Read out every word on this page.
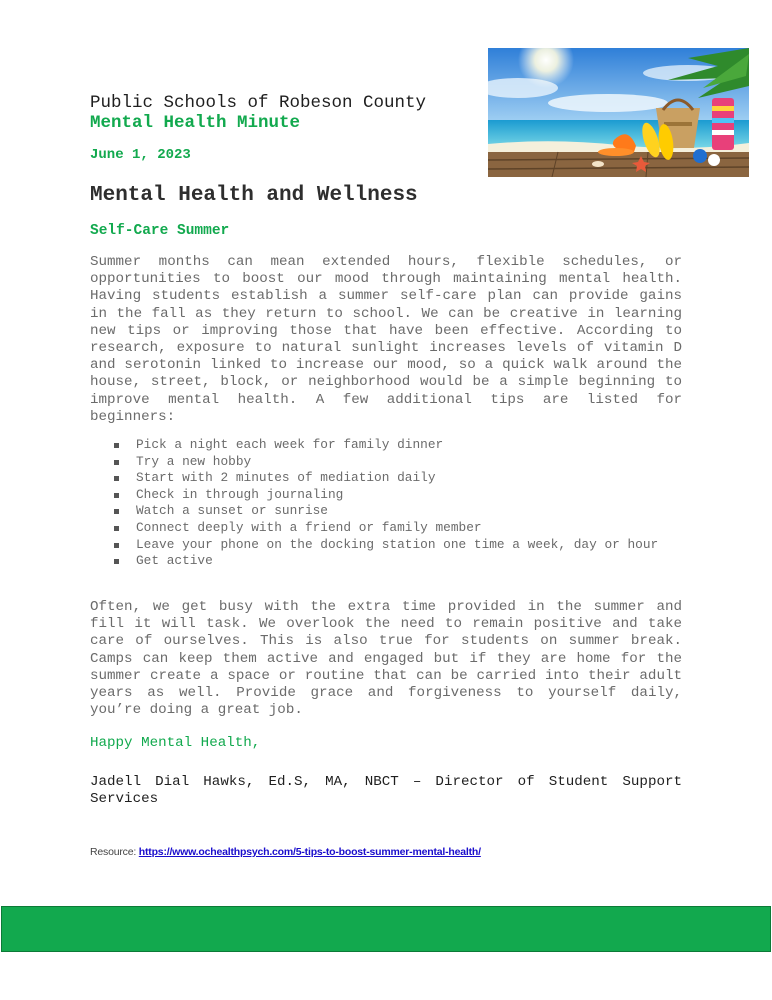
Public Schools of Robeson County
Mental Health Minute
June 1, 2023
Mental Health and Wellness
Self-Care Summer

Summer months can mean extended hours, flexible schedules, or opportunities to boost our mood through maintaining mental health. Having students establish a summer self-care plan can provide gains in the fall as they return to school. We can be creative in learning new tips or improving those that have been effective. According to research, exposure to natural sunlight increases levels of vitamin D and serotonin linked to increase our mood, so a quick walk around the house, street, block, or neighborhood would be a simple beginning to improve mental health. A few additional tips are listed for beginners:

Pick a night each week for family dinner
Try a new hobby
Start with 2 minutes of mediation daily
Check in through journaling
Watch a sunset or sunrise
Connect deeply with a friend or family member
Leave your phone on the docking station one time a week, day or hour
Get active

Often, we get busy with the extra time provided in the summer and fill it will task. We overlook the need to remain positive and take care of ourselves. This is also true for students on summer break. Camps can keep them active and engaged but if they are home for the summer create a space or routine that can be carried into their adult years as well. Provide grace and forgiveness to yourself daily, you’re doing a great job.

Happy Mental Health,

Jadell Dial Hawks, Ed.S, MA, NBCT – Director of Student Support Services

Resource: https://www.ochealthpsych.com/5-tips-to-boost-summer-mental-health/
